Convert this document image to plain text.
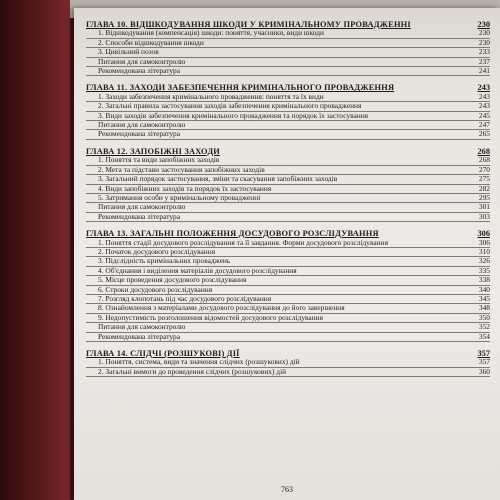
ГЛАВА 10. ВІДШКОДУВАННЯ ШКОДИ У КРИМІНАЛЬНОМУ ПРОВАДЖЕННІ	230
1. Відшкодування (компенсація) шкоди: поняття, учасники, види шкоди	230
2. Способи відшкодування шкоди	230
3. Цивільний позов	233
Питання для самоконтролю	237
Рекомендована література	241
ГЛАВА 11. ЗАХОДИ ЗАБЕЗПЕЧЕННЯ КРИМІНАЛЬНОГО ПРОВАДЖЕННЯ	243
1. Заходи забезпечення кримінального провадження: поняття та їх види	243
2. Загальні правила застосування заходів забезпечення кримінального провадження	243
3. Види заходів забезпечення кримінального провадження та порядок їх застосування	245
Питання для самоконтролю	247
Рекомендована література	265
ГЛАВА 12. ЗАПОБІЖНІ ЗАХОДИ	268
1. Поняття та види запобіжних заходів	268
2. Мета та підстави застосування запобіжних заходів	270
3. Загальний порядок застосування, зміни та скасування запобіжних заходів	275
4. Види запобіжних заходів та порядок їх застосування	282
5. Затримання особи у кримінальному провадженні	295
Питання для самоконтролю	301
Рекомендована література	303
ГЛАВА 13. ЗАГАЛЬНІ ПОЛОЖЕННЯ ДОСУДОВОГО РОЗСЛІДУВАННЯ	306
1. Поняття стадії досудового розслідування та її завдання. Форми досудового розслідування	306
2. Початок досудового розслідування	310
3. Підслідність кримінальних проваджень	326
4. Об'єднання і виділення матеріалів досудового розслідування	335
5. Місце проведення досудового розслідування	338
6. Строки досудового розслідування	340
7. Розгляд клопотань під час досудового розслідування	345
8. Ознайомлення з матеріалами досудового розслідування до його завершення	348
9. Недопустимість розголошення відомостей досудового розслідування	350
Питання для самоконтролю	352
Рекомендована література	354
ГЛАВА 14. СЛІДЧІ (РОЗШУКОВІ) ДІЇ	357
1. Поняття, система, види та значення слідчих (розшукових) дій	357
2. Загальні вимоги до проведення слідчих (розшукових) дій	360
763
